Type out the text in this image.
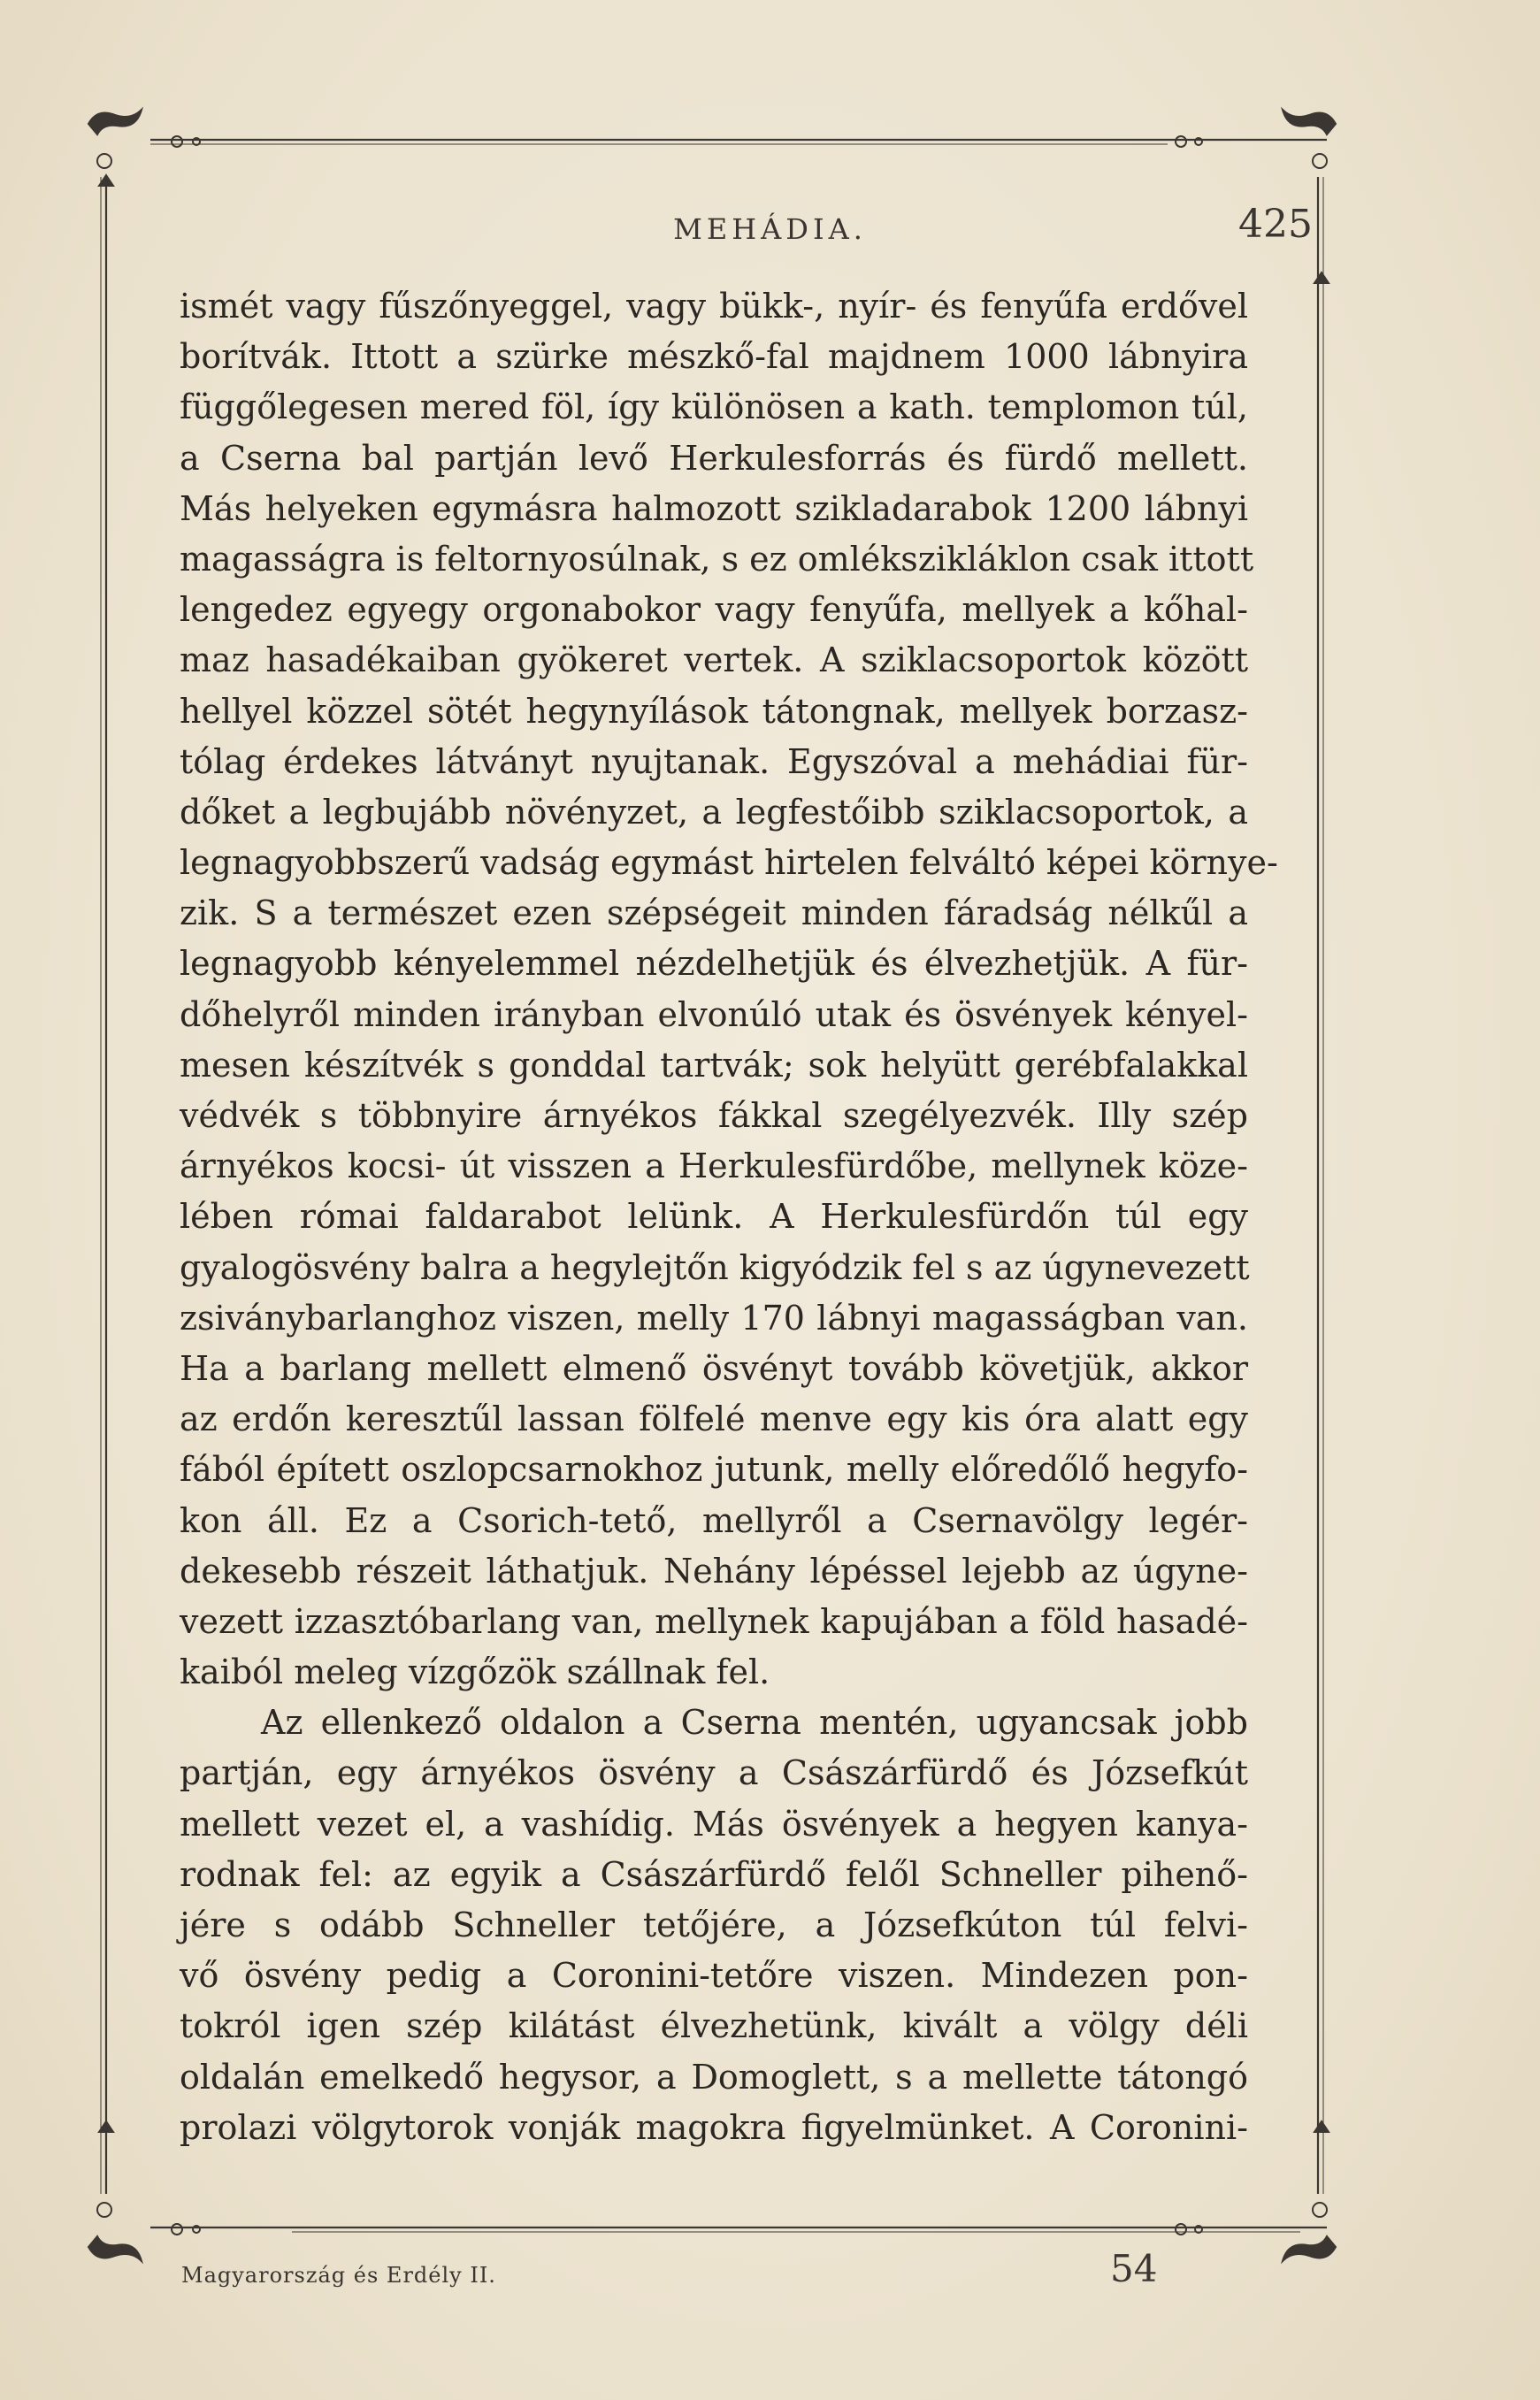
MEHÁDIA.	425
ismét vagy fűszőnyeggel, vagy bükk-, nyír- és fenyűfa erdővel
borítvák. Ittott a szürke mészkő-fal majdnem 1000 lábnyira
függőlegesen mered föl, így különösen a kath. templomon túl,
a Cserna bal partján levő Herkulesforrás és fürdő mellett.
Más helyeken egymásra halmozott szikladarabok 1200 lábnyi
magasságra is feltornyosúlnak, s ez omlékszikláklon csak ittott
lengedez egyegy orgonabokor vagy fenyűfa, mellyek a kőhal-
maz hasadékaiban gyökeret vertek. A sziklacsoportok között
hellyel közzel sötét hegynyílások tátongnak, mellyek borzasz-
tólag érdekes látványt nyujtanak. Egyszóval a mehádiai für-
dőket a legbujább növényzet, a legfestőibb sziklacsoportok, a
legnagyobbszerű vadság egymást hirtelen felváltó képei környe-
zik. S a természet ezen szépségeit minden fáradság nélkűl a
legnagyobb kényelemmel nézdelhetjük és élvezhetjük. A für-
dőhelyről minden irányban elvonúló utak és ösvények kényel-
mesen készítvék s gonddal tartvák; sok helyütt gerébfalakkal
védvék s többnyire árnyékos fákkal szegélyezvék. Illy szép
árnyékos kocsi- út visszen a Herkulesfürdőbe, mellynek köze-
lében római faldarabot lelünk. A Herkulesfürdőn túl egy
gyalogösvény balra a hegylejtőn kigyódzik fel s az úgynevezett
zsiványbarlanghoz viszen, melly 170 lábnyi magasságban van.
Ha a barlang mellett elmenő ösvényt tovább követjük, akkor
az erdőn keresztűl lassan fölfelé menve egy kis óra alatt egy
fából épített oszlopcsarnokhoz jutunk, melly előredőlő hegyfo-
kon áll. Ez a Csorich-tető, mellyről a Csernavölgy legér-
dekesebb részeit láthatjuk. Nehány lépéssel lejebb az úgyne-
vezett izzasztóbarlang van, mellynek kapujában a föld hasadé-
kaiból meleg vízgőzök szállnak fel.
Az ellenkező oldalon a Cserna mentén, ugyancsak jobb
partján, egy árnyékos ösvény a Császárfürdő és Józsefkút
mellett vezet el, a vashídig. Más ösvények a hegyen kanya-
rodnak fel: az egyik a Császárfürdő felől Schneller pihenő-
jére s odább Schneller tetőjére, a Józsefkúton túl felvi-
vő ösvény pedig a Coronini-tetőre viszen. Mindezen pon-
tokról igen szép kilátást élvezhetünk, kivált a völgy déli
oldalán emelkedő hegysor, a Domoglett, s a mellette tátongó
prolazi völgytorok vonják magokra figyelmünket. A Coronini-
Magyarország és Erdély II.	54
